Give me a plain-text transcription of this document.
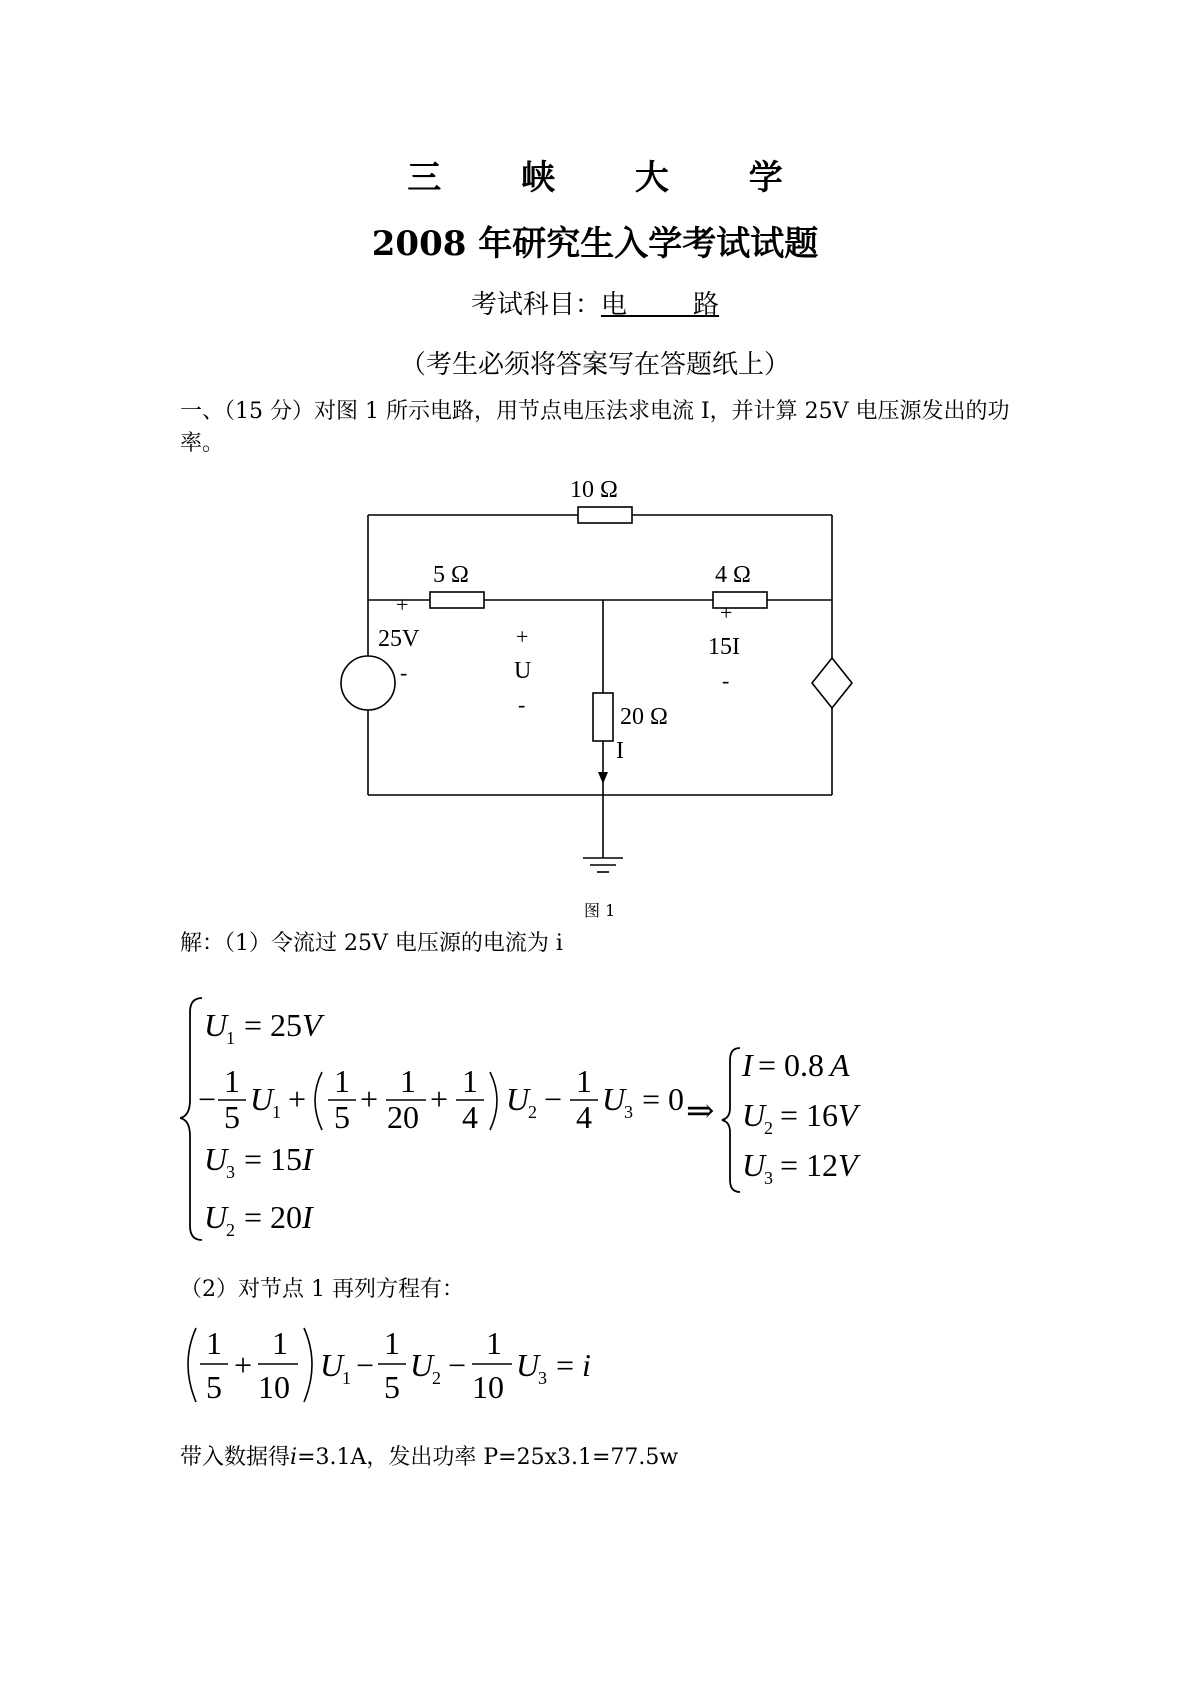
三 峡 大 学
2008 年研究生入学考试试题
考试科目：电        路
（考生必须将答案写在答题纸上）
一、（15 分）对图 1 所示电路，用节点电压法求电流 I，并计算 25V 电压源发出的功率。
10 Ω
5 Ω	4 Ω
20 Ω
+
25V
-
+
U
-
+
15I
-
I
图 1
解：（1）令流过 25V 电压源的电流为 i
U
1 = 25 V
− 1
5 U
1 + 1
5 + 1
20 + 1
4 U
2 − 1
4 U
3 = 0
U
3 = 15 I
U
2 = 20 I
⇒
I = 0.8 A
U
2 = 16 V
U
3 = 12 V
（2）对节点 1 再列方程有：
1
5
+
1
10
U
1 −
1
5
U
2 −
1
10
U
3 = i
带入数据得i=3.1A，发出功率 P=25x3.1=77.5w
